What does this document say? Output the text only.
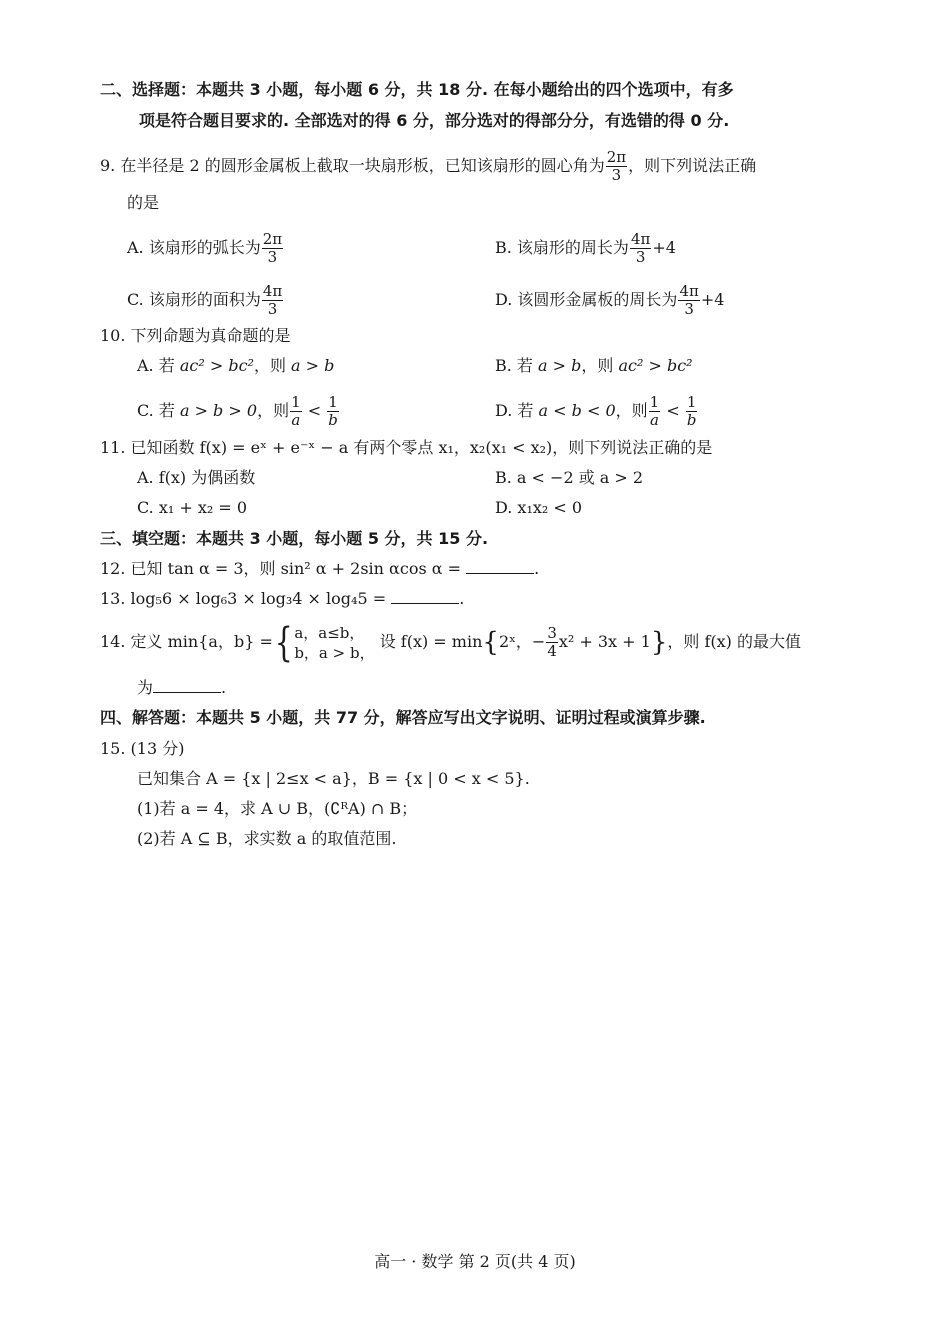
二、选择题：本题共 3 小题，每小题 6 分，共 18 分. 在每小题给出的四个选项中，有多
项是符合题目要求的. 全部选对的得 6 分，部分选对的得部分分，有选错的得 0 分.
9. 在半径是 2 的圆形金属板上截取一块扇形板，已知该扇形的圆心角为 $\frac{2\pi}{3}$ ，则下列说法正确
的是
A. 该扇形的弧长为 $\frac{2\pi}{3}$	B. 该扇形的周长为 $\frac{4\pi}{3} +4$
C. 该扇形的面积为 $\frac{4\pi}{3}$	D. 该圆形金属板的周长为 $\frac{4\pi}{3} +4$
10. 下列命题为真命题的是
A. 若 ac² > bc²，则 a > b	B. 若 a > b，则 ac² > bc²
C. 若 a > b > 0，则 $\frac{1}{a} < \frac{1}{b}$	D. 若 a < b < 0，则 $\frac{1}{a} < \frac{1}{b}$
11. 已知函数 f(x) = eˣ + e⁻ˣ − a 有两个零点 x₁，x₂(x₁ < x₂)，则下列说法正确的是
A. f(x) 为偶函数	B. a < −2 或 a > 2
C. x₁ + x₂ = 0	D. x₁x₂ < 0
三、填空题：本题共 3 小题，每小题 5 分，共 15 分.
12. 已知 tan α = 3，则 sin² α + 2sin αcos α =	.
13. log₅6 × log₆3 × log₃4 × log₄5 =	.
14. 定义 min{a，b} ={ a，a≤b，
b，a > b，
设 f(x) = min{2ˣ，− $\frac{3}{4} x^2 + 3x + 1$}，则 f(x) 的最大值
为	.
四、解答题：本题共 5 小题，共 77 分，解答应写出文字说明、证明过程或演算步骤.
15. (13 分)
已知集合 A = {x | 2≤x < a}，B = {x | 0 < x < 5}.
(1)若 a = 4，求 A ∪ B，(∁ᴿA) ∩ B；
(2)若 A ⊆ B，求实数 a 的取值范围.
高一 · 数学 第 2 页(共 4 页)
